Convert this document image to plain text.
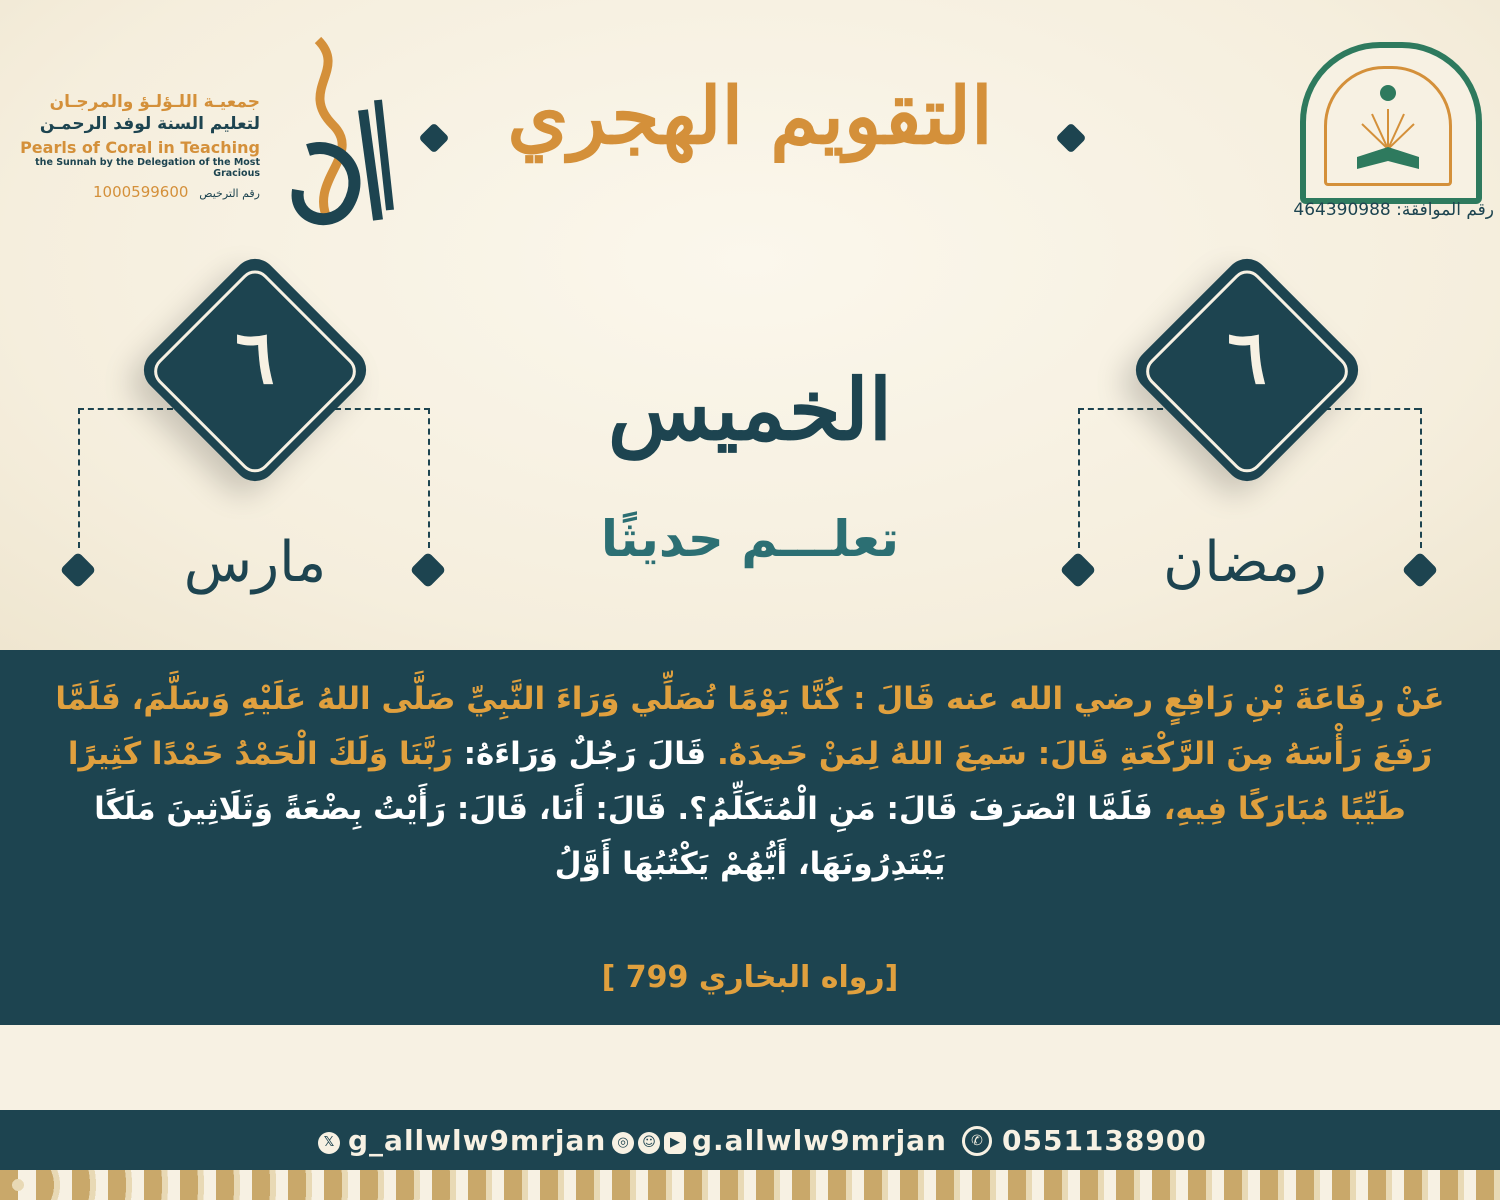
رقم الموافقة: 464390988
التقويم الهجري
جمعيـة اللـؤلـؤ والمرجـان
لتعليم السنة لوفد الرحمـن
Pearls of Coral in Teaching
the Sunnah by the Delegation of the Most Gracious
1000599600 رقم الترخيص
٦
مارس
٦
رمضان
الخميس
تعلـــم حديثًا
عَنْ رِفَاعَةَ بْنِ رَافِعٍ رضي الله عنه قَالَ : كُنَّا يَوْمًا نُصَلِّي وَرَاءَ النَّبِيِّ صَلَّى اللهُ عَلَيْهِ وَسَلَّمَ، فَلَمَّا رَفَعَ رَأْسَهُ مِنَ الرَّكْعَةِ قَالَ: سَمِعَ اللهُ لِمَنْ حَمِدَهُ. قَالَ رَجُلٌ وَرَاءَهُ: رَبَّنَا وَلَكَ الْحَمْدُ حَمْدًا كَثِيرًا طَيِّبًا مُبَارَكًا فِيهِ، فَلَمَّا انْصَرَفَ قَالَ: مَنِ الْمُتَكَلِّمُ؟. قَالَ: أَنَا، قَالَ: رَأَيْتُ بِضْعَةً وَثَلَاثِينَ مَلَكًا يَبْتَدِرُونَهَا، أَيُّهُمْ يَكْتُبُهَا أَوَّلُ
[رواه البخاري 799 ]
𝕏 g_allwlw9mrjan ◎	☺	▶ g.allwlw9mrjan	✆ 0551138900
